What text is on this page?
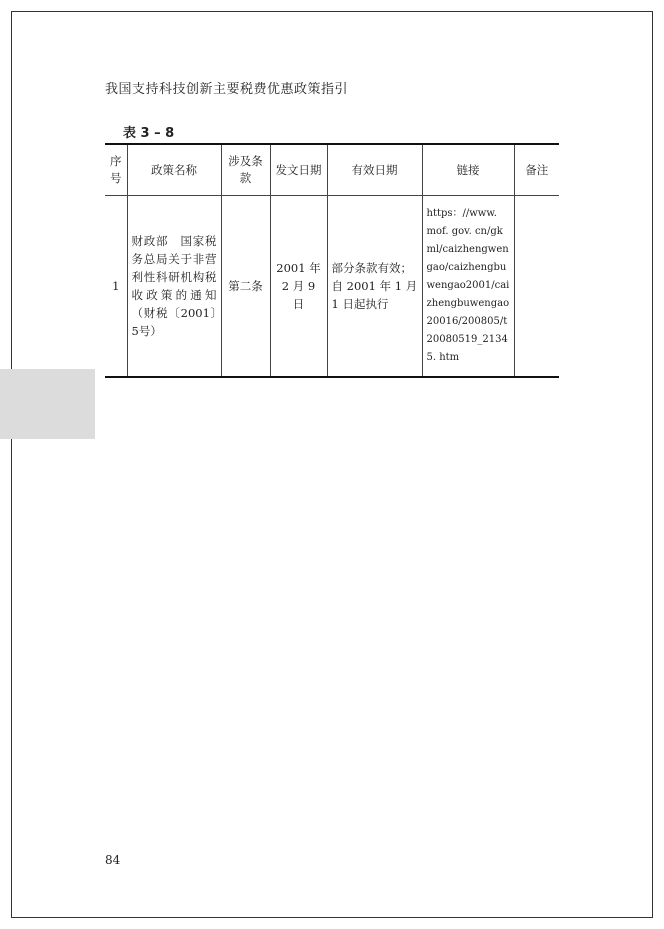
我国支持科技创新主要税费优惠政策指引
表 3 – 8
序号	政策名称	涉及条款	发文日期	有效日期	链接	备注
1	财政部　国家税务总局关于非营利性科研机构税收政策的通知（财税〔2001〕5号）	第二条	2001 年 2 月 9 日	部分条款有效；自 2001 年 1 月 1 日起执行	https：//www. mof. gov. cn/gkml/caizhengwengao/caizhengbuwengao2001/caizhengbuwengao20016/200805/t20080519_21345. htm	
84
